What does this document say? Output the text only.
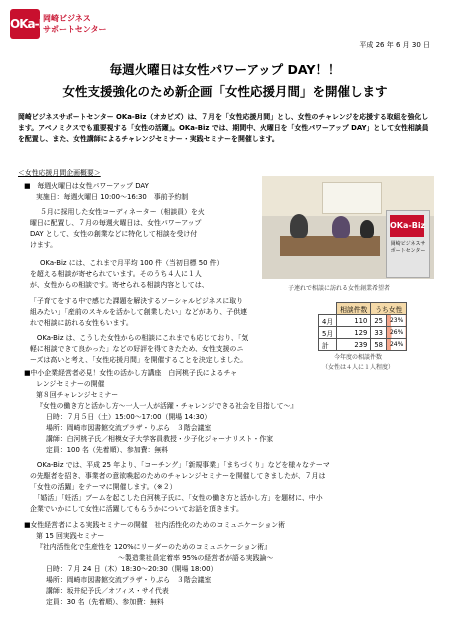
OKa-Biz
岡崎ビジネス
サポートセンター
平成 26 年 6 月 30 日
毎週火曜日は女性パワーアップ DAY！！
女性支援強化のため新企画「女性応援月間」を開催します
岡崎ビジネスサポートセンター OKa-Biz（オカビズ）は、７月を「女性応援月間」とし、女性のチャレンジを応援する取組を強化します。アベノミクスでも重要視する「女性の活躍」。OKa-Biz では、期間中、火曜日を「女性パワーアップ DAY」として女性相談員を配置し、また、女性講師によるチャレンジセミナー・実践セミナーを開催します。
＜女性応援月間企画概要＞
■　毎週火曜日は女性パワーアップ DAY
実施日：毎週火曜日 10:00〜16:30　事前予約制
５月に採用した女性コーディネーター（相談員）を火
曜日に配置し、７月の毎週火曜日は、女性パワーアップ
DAY として、女性の創業などに特化して相談を受け付
けます。
OKa-Biz には、これまで月平均 100 件（当初目標 50 件）
を超える相談が寄せられています。そのうち４人に１人
が、女性からの相談です。寄せられる相談内容としては、
「子育てをする中で感じた課題を解決するソーシャルビジネスに取り
組みたい」「産前のスキルを活かして創業したい」などがあり、子供連
れで相談に訪れる女性もいます。
　OKa-Biz は、こうした女性からの相談にこれまでも応じており、「気
軽に相談できて良かった」などの好評を得てきたため、女性支援のニ
ーズは高いと考え、「女性応援月間」を開催することを決定しました。
OKa-Biz
岡崎ビジネスサポートセンター
子連れで相談に訪れる女性創業希望者
	相談件数	うち女性	
4月	110	25	23%
5月	129	33	26%
計	239	58	24%
今年度の相談件数
（女性は４人に１人程度）
■中小企業経営者必見！女性の活かし方講座　白河桃子氏によるチャ
レンジセミナーの開催
第８回チャレンジセミナー
『女性の働き方と活かし方〜一人一人が活躍・チャレンジできる社会を目指して〜』
日時：７月５日（土）15:00〜17:00（開場 14:30）
場所：岡崎市図書館交流プラザ・りぶら　３階会議室
講師：白河桃子氏／相模女子大学客員教授・少子化ジャーナリスト・作家
定員：100 名（先着順）、参加費：無料
　OKa-Biz では、平成 25 年より、「コーチング」「新規事業」「まちづくり」などを様々なテーマ
の先駆者を招き、事業者の意欲喚起のためのチャレンジセミナーを開催してきましたが、７月は
「女性の活躍」をテーマに開催します。（※２）
　「婚活」「妊活」ブームを起こした白河桃子氏に、「女性の働き方と活かし方」を題材に、中小
企業でいかにして女性に活躍してもらうかについてお話を頂きます。
■女性経営者による実践セミナーの開催　社内活性化のためのコミュニケーション術
第 15 回実践セミナー
『社内活性化で生産性を 120%にリーダーのためのコミュニケーション術』
〜製造業社員定着率 95%の経営者が語る実践論〜
日時：７月 24 日（木）18:30〜20:30（開場 18:00）
場所：岡崎市図書館交流プラザ・りぶら　３階会議室
講師：坂井紀予氏／オフィス・サイ代表
定員：30 名（先着順）、参加費：無料
